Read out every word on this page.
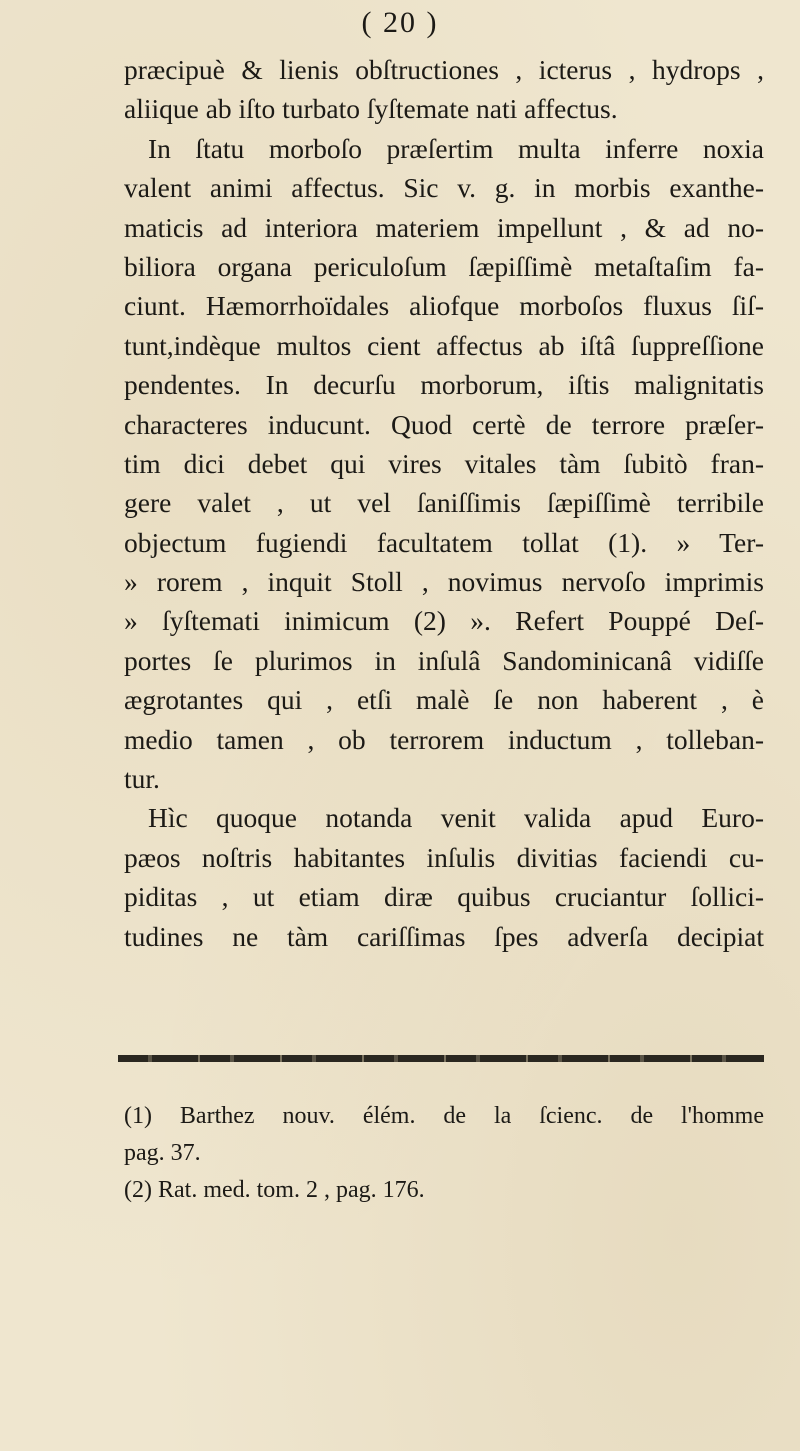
( 20 )
præcipuè & lienis obſtructiones , icterus , hydrops ,
aliique ab iſto turbato ſyſtemate nati affectus.
In ſtatu morboſo præſertim multa inferre noxia
valent animi affectus. Sic v. g. in morbis exanthe-
maticis ad interiora materiem impellunt , & ad no-
biliora organa periculoſum ſæpiſſimè metaſtaſim fa-
ciunt. Hæmorrhoïdales aliofque morboſos fluxus ſiſ-
tunt,indèque multos cient affectus ab iſtâ ſuppreſſione
pendentes. In decurſu morborum, iſtis malignitatis
characteres inducunt. Quod certè de terrore præſer-
tim dici debet qui vires vitales tàm ſubitò fran-
gere valet , ut vel ſaniſſimis ſæpiſſimè terribile
objectum fugiendi facultatem tollat (1). » Ter-
» rorem , inquit Stoll , novimus nervoſo imprimis
» ſyſtemati inimicum (2) ». Refert Pouppé Deſ-
portes ſe plurimos in inſulâ Sandominicanâ vidiſſe
ægrotantes qui , etſi malè ſe non haberent , è
medio tamen , ob terrorem inductum , tolleban-
tur.
Hìc quoque notanda venit valida apud Euro-
pæos noſtris habitantes inſulis divitias faciendi cu-
piditas , ut etiam diræ quibus cruciantur ſollici-
tudines ne tàm cariſſimas ſpes adverſa decipiat
(1) Barthez nouv. élém. de la ſcienc. de l'homme
pag. 37.
(2) Rat. med. tom. 2 , pag. 176.
